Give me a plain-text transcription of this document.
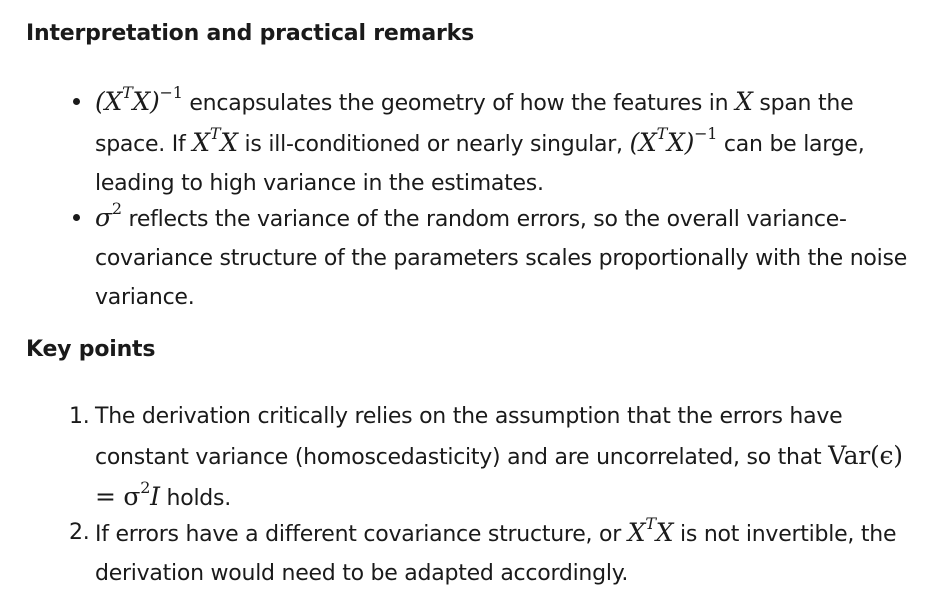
Interpretation and practical remarks
$(X^TX)^{-1}$ encapsulates the geometry of how the features in X span the space. If $X^TX$ is ill-conditioned or nearly singular, $(X^TX)^{-1}$ can be large, leading to high variance in the estimates.
$\sigma^2$ reflects the variance of the random errors, so the overall variance-covariance structure of the parameters scales proportionally with the noise variance.
Key points
1. The derivation critically relies on the assumption that the errors have constant variance (homoscedasticity) and are uncorrelated, so that $Var(\epsilon) = \sigma^2I$ holds.
2. If errors have a different covariance structure, or $X^TX$ is not invertible, the derivation would need to be adapted accordingly.
